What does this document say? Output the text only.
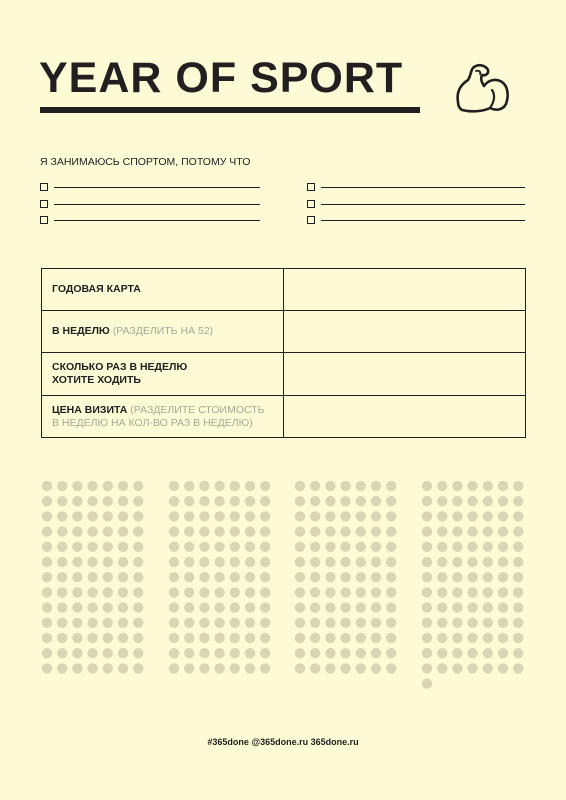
YEAR OF SPORT
Я ЗАНИМАЮСЬ СПОРТОМ, ПОТОМУ ЧТО
ГОДОВАЯ КАРТА	
В НЕДЕЛЮ (РАЗДЕЛИТЬ НА 52)	
СКОЛЬКО РАЗ В НЕДЕЛЮ
ХОТИТЕ ХОДИТЬ	
ЦЕНА ВИЗИТА (РАЗДЕЛИТЕ СТОИМОСТЬ В НЕДЕЛЮ НА КОЛ-ВО РАЗ В НЕДЕЛЮ)	
#365done @365done.ru 365done.ru
